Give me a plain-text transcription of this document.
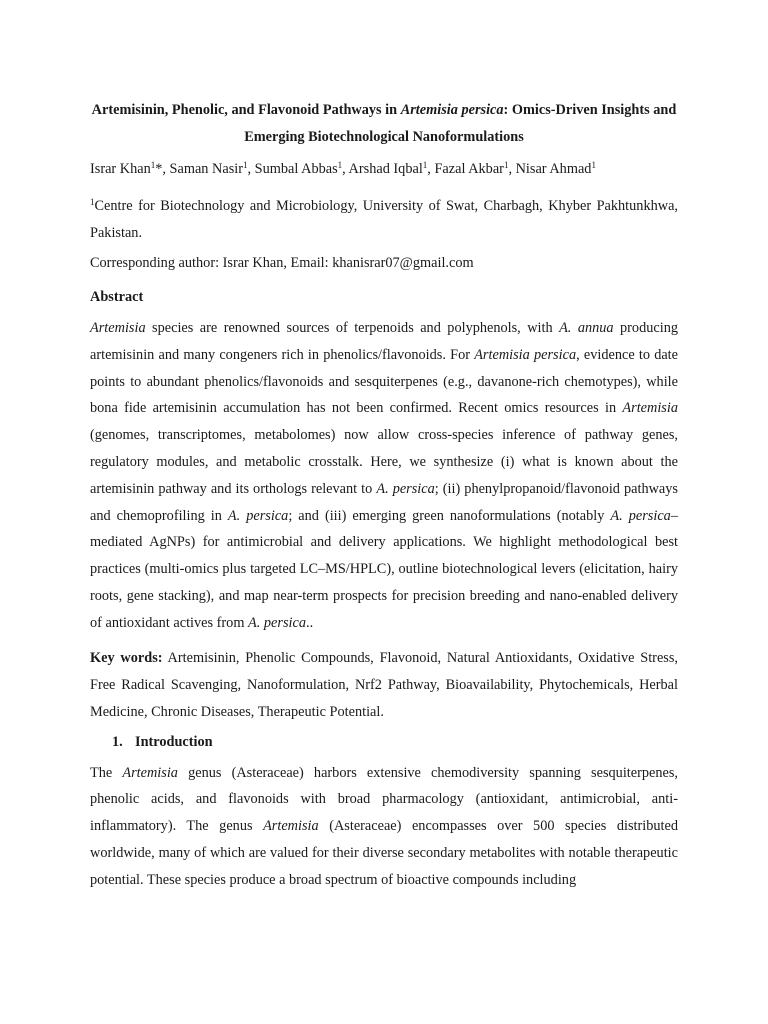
Artemisinin, Phenolic, and Flavonoid Pathways in Artemisia persica: Omics-Driven Insights and Emerging Biotechnological Nanoformulations
Israr Khan$^1$*, Saman Nasir$^1$, Sumbal Abbas$^1$, Arshad Iqbal$^1$, Fazal Akbar$^1$, Nisar Ahmad$^1$
$^1$Centre for Biotechnology and Microbiology, University of Swat, Charbagh, Khyber Pakhtunkhwa, Pakistan.
Corresponding author: Israr Khan, Email: khanisrar07@gmail.com
Abstract
Artemisia species are renowned sources of terpenoids and polyphenols, with A. annua producing artemisinin and many congeners rich in phenolics/flavonoids. For Artemisia persica, evidence to date points to abundant phenolics/flavonoids and sesquiterpenes (e.g., davanone-rich chemotypes), while bona fide artemisinin accumulation has not been confirmed. Recent omics resources in Artemisia (genomes, transcriptomes, metabolomes) now allow cross-species inference of pathway genes, regulatory modules, and metabolic crosstalk. Here, we synthesize (i) what is known about the artemisinin pathway and its orthologs relevant to A. persica; (ii) phenylpropanoid/flavonoid pathways and chemoprofiling in A. persica; and (iii) emerging green nanoformulations (notably A. persica–mediated AgNPs) for antimicrobial and delivery applications. We highlight methodological best practices (multi-omics plus targeted LC–MS/HPLC), outline biotechnological levers (elicitation, hairy roots, gene stacking), and map near-term prospects for precision breeding and nano-enabled delivery of antioxidant actives from A. persica..
Key words: Artemisinin, Phenolic Compounds, Flavonoid, Natural Antioxidants, Oxidative Stress, Free Radical Scavenging, Nanoformulation, Nrf2 Pathway, Bioavailability, Phytochemicals, Herbal Medicine, Chronic Diseases, Therapeutic Potential.
1. Introduction
The Artemisia genus (Asteraceae) harbors extensive chemodiversity spanning sesquiterpenes, phenolic acids, and flavonoids with broad pharmacology (antioxidant, antimicrobial, anti-inflammatory). The genus Artemisia (Asteraceae) encompasses over 500 species distributed worldwide, many of which are valued for their diverse secondary metabolites with notable therapeutic potential. These species produce a broad spectrum of bioactive compounds including
